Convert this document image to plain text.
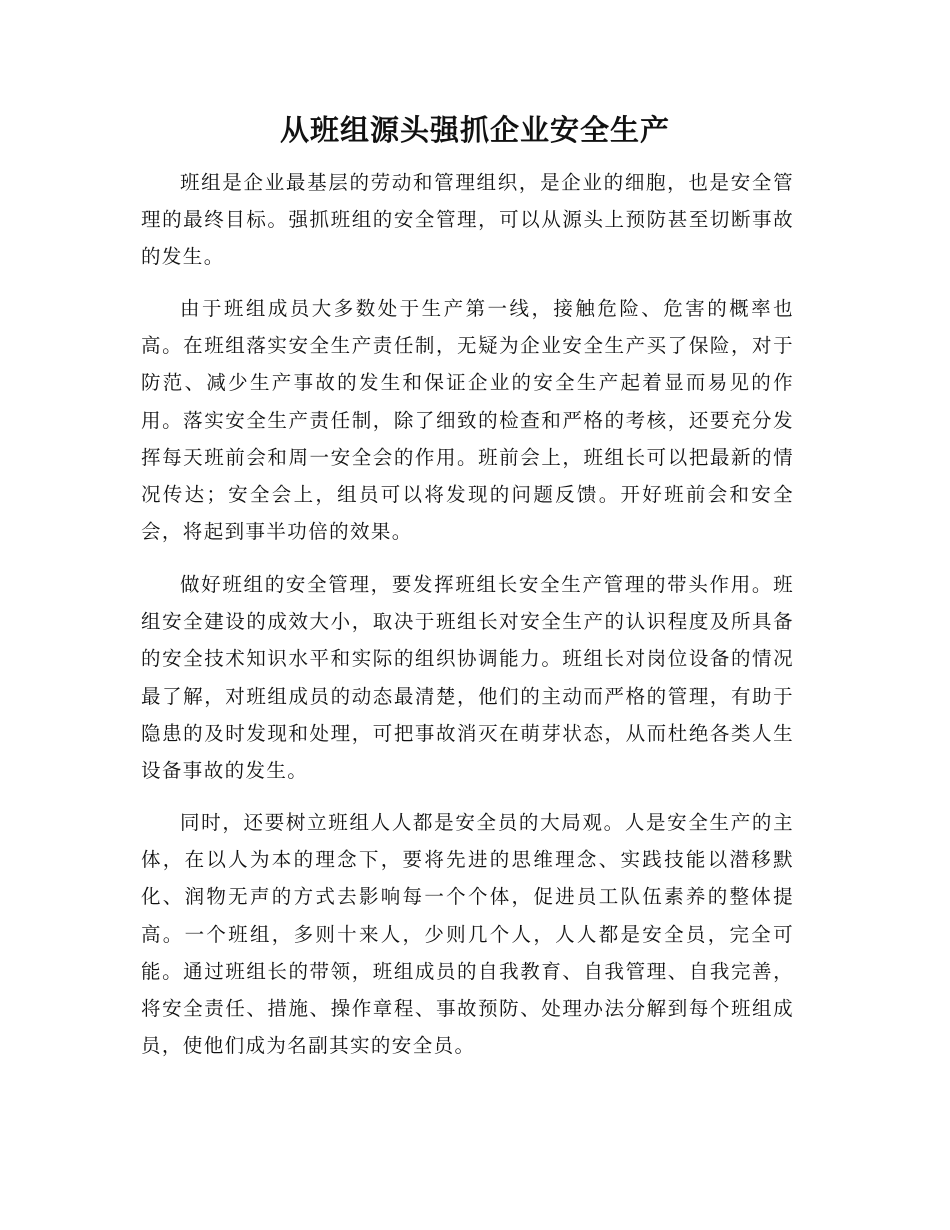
从班组源头强抓企业安全生产

班组是企业最基层的劳动和管理组织，是企业的细胞，也是安全管理的最终目标。强抓班组的安全管理，可以从源头上预防甚至切断事故的发生。

由于班组成员大多数处于生产第一线，接触危险、危害的概率也高。在班组落实安全生产责任制，无疑为企业安全生产买了保险，对于防范、减少生产事故的发生和保证企业的安全生产起着显而易见的作用。落实安全生产责任制，除了细致的检查和严格的考核，还要充分发挥每天班前会和周一安全会的作用。班前会上，班组长可以把最新的情况传达；安全会上，组员可以将发现的问题反馈。开好班前会和安全会，将起到事半功倍的效果。

做好班组的安全管理，要发挥班组长安全生产管理的带头作用。班组安全建设的成效大小，取决于班组长对安全生产的认识程度及所具备的安全技术知识水平和实际的组织协调能力。班组长对岗位设备的情况最了解，对班组成员的动态最清楚，他们的主动而严格的管理，有助于隐患的及时发现和处理，可把事故消灭在萌芽状态，从而杜绝各类人生设备事故的发生。

同时，还要树立班组人人都是安全员的大局观。人是安全生产的主体，在以人为本的理念下，要将先进的思维理念、实践技能以潜移默化、润物无声的方式去影响每一个个体，促进员工队伍素养的整体提高。一个班组，多则十来人，少则几个人，人人都是安全员，完全可能。通过班组长的带领，班组成员的自我教育、自我管理、自我完善，将安全责任、措施、操作章程、事故预防、处理办法分解到每个班组成员，使他们成为名副其实的安全员。
